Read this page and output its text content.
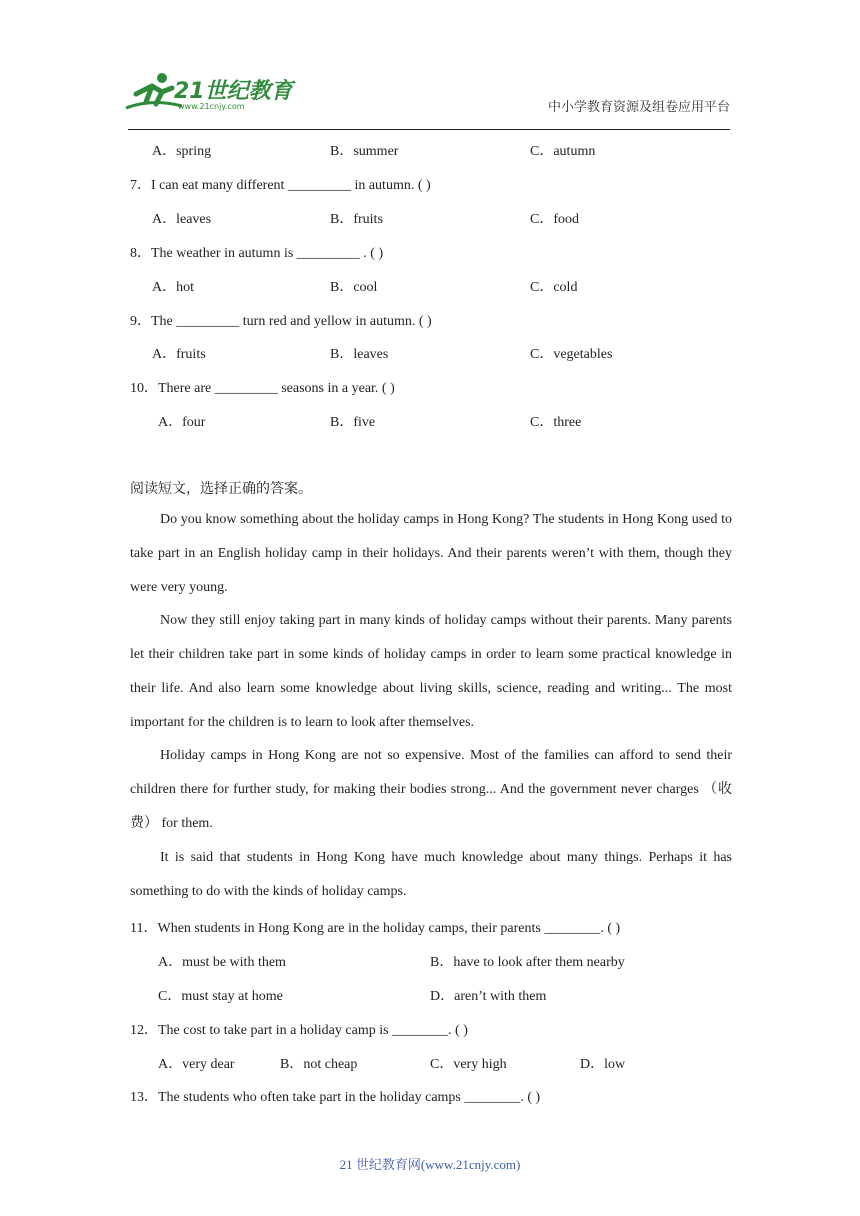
21世纪教育
www.21cnjy.com	中小学教育资源及组卷应用平台
A．spring	B．summer	C．autumn
7．I can eat many different _________ in autumn. ( )
A．leaves	B．fruits	C．food
8．The weather in autumn is _________ . ( )
A．hot	B．cool	C．cold
9．The _________ turn red and yellow in autumn. ( )
A．fruits	B．leaves	C．vegetables
10．There are _________ seasons in a year. ( )
A．four	B．five	C．three
阅读短文，选择正确的答案。
Do you know something about the holiday camps in Hong Kong? The students in Hong Kong used to take part in an English holiday camp in their holidays. And their parents weren’t with them, though they were very young.
Now they still enjoy taking part in many kinds of holiday camps without their parents. Many parents let their children take part in some kinds of holiday camps in order to learn some practical knowledge in their life. And also learn some knowledge about living skills, science, reading and writing... The most important for the children is to learn to look after themselves.
Holiday camps in Hong Kong are not so expensive. Most of the families can afford to send their children there for further study, for making their bodies strong... And the government never charges （收费） for them.
It is said that students in Hong Kong have much knowledge about many things. Perhaps it has something to do with the kinds of holiday camps.
11．When students in Hong Kong are in the holiday camps, their parents ________. ( )
A．must be with them	B．have to look after them nearby
C．must stay at home	D．aren’t with them
12．The cost to take part in a holiday camp is ________. ( )
A．very dear	B．not cheap	C．very high	D．low
13．The students who often take part in the holiday camps ________. ( )
21 世纪教育网(www.21cnjy.com)
